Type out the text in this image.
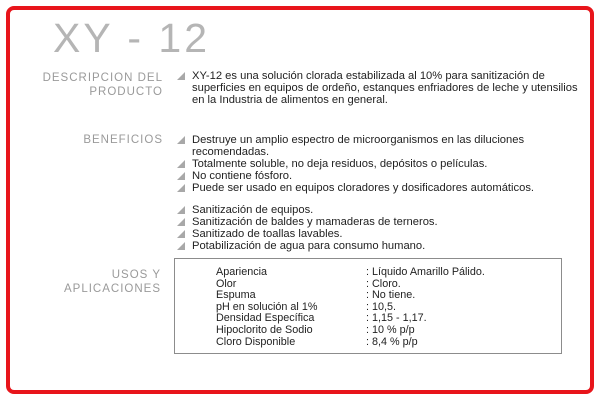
XY - 12
DESCRIPCION DEL
PRODUCTO
XY-12 es una solución clorada estabilizada al 10% para sanitización de superficies en equipos de ordeño, estanques enfriadores de leche y utensilios en la Industria de alimentos en general.
BENEFICIOS	Destruye un amplio espectro de microorganismos en las diluciones recomendadas.
Totalmente soluble, no deja residuos, depósitos o películas.
No contiene fósforo.
Puede ser usado en equipos cloradores y dosificadores automáticos.
Sanitización de equipos.
Sanitización de baldes y mamaderas de terneros.
Sanitizado de toallas lavables.
Potabilización de agua para consumo humano.
USOS Y
APLICACIONES
Apariencia	: Líquido Amarillo Pálido.
Olor	: Cloro.
Espuma	: No tiene.
pH en solución al 1%	: 10,5.
Densidad Específica	: 1,15 - 1,17.
Hipoclorito de Sodio	: 10 % p/p
Cloro Disponible	: 8,4 % p/p
